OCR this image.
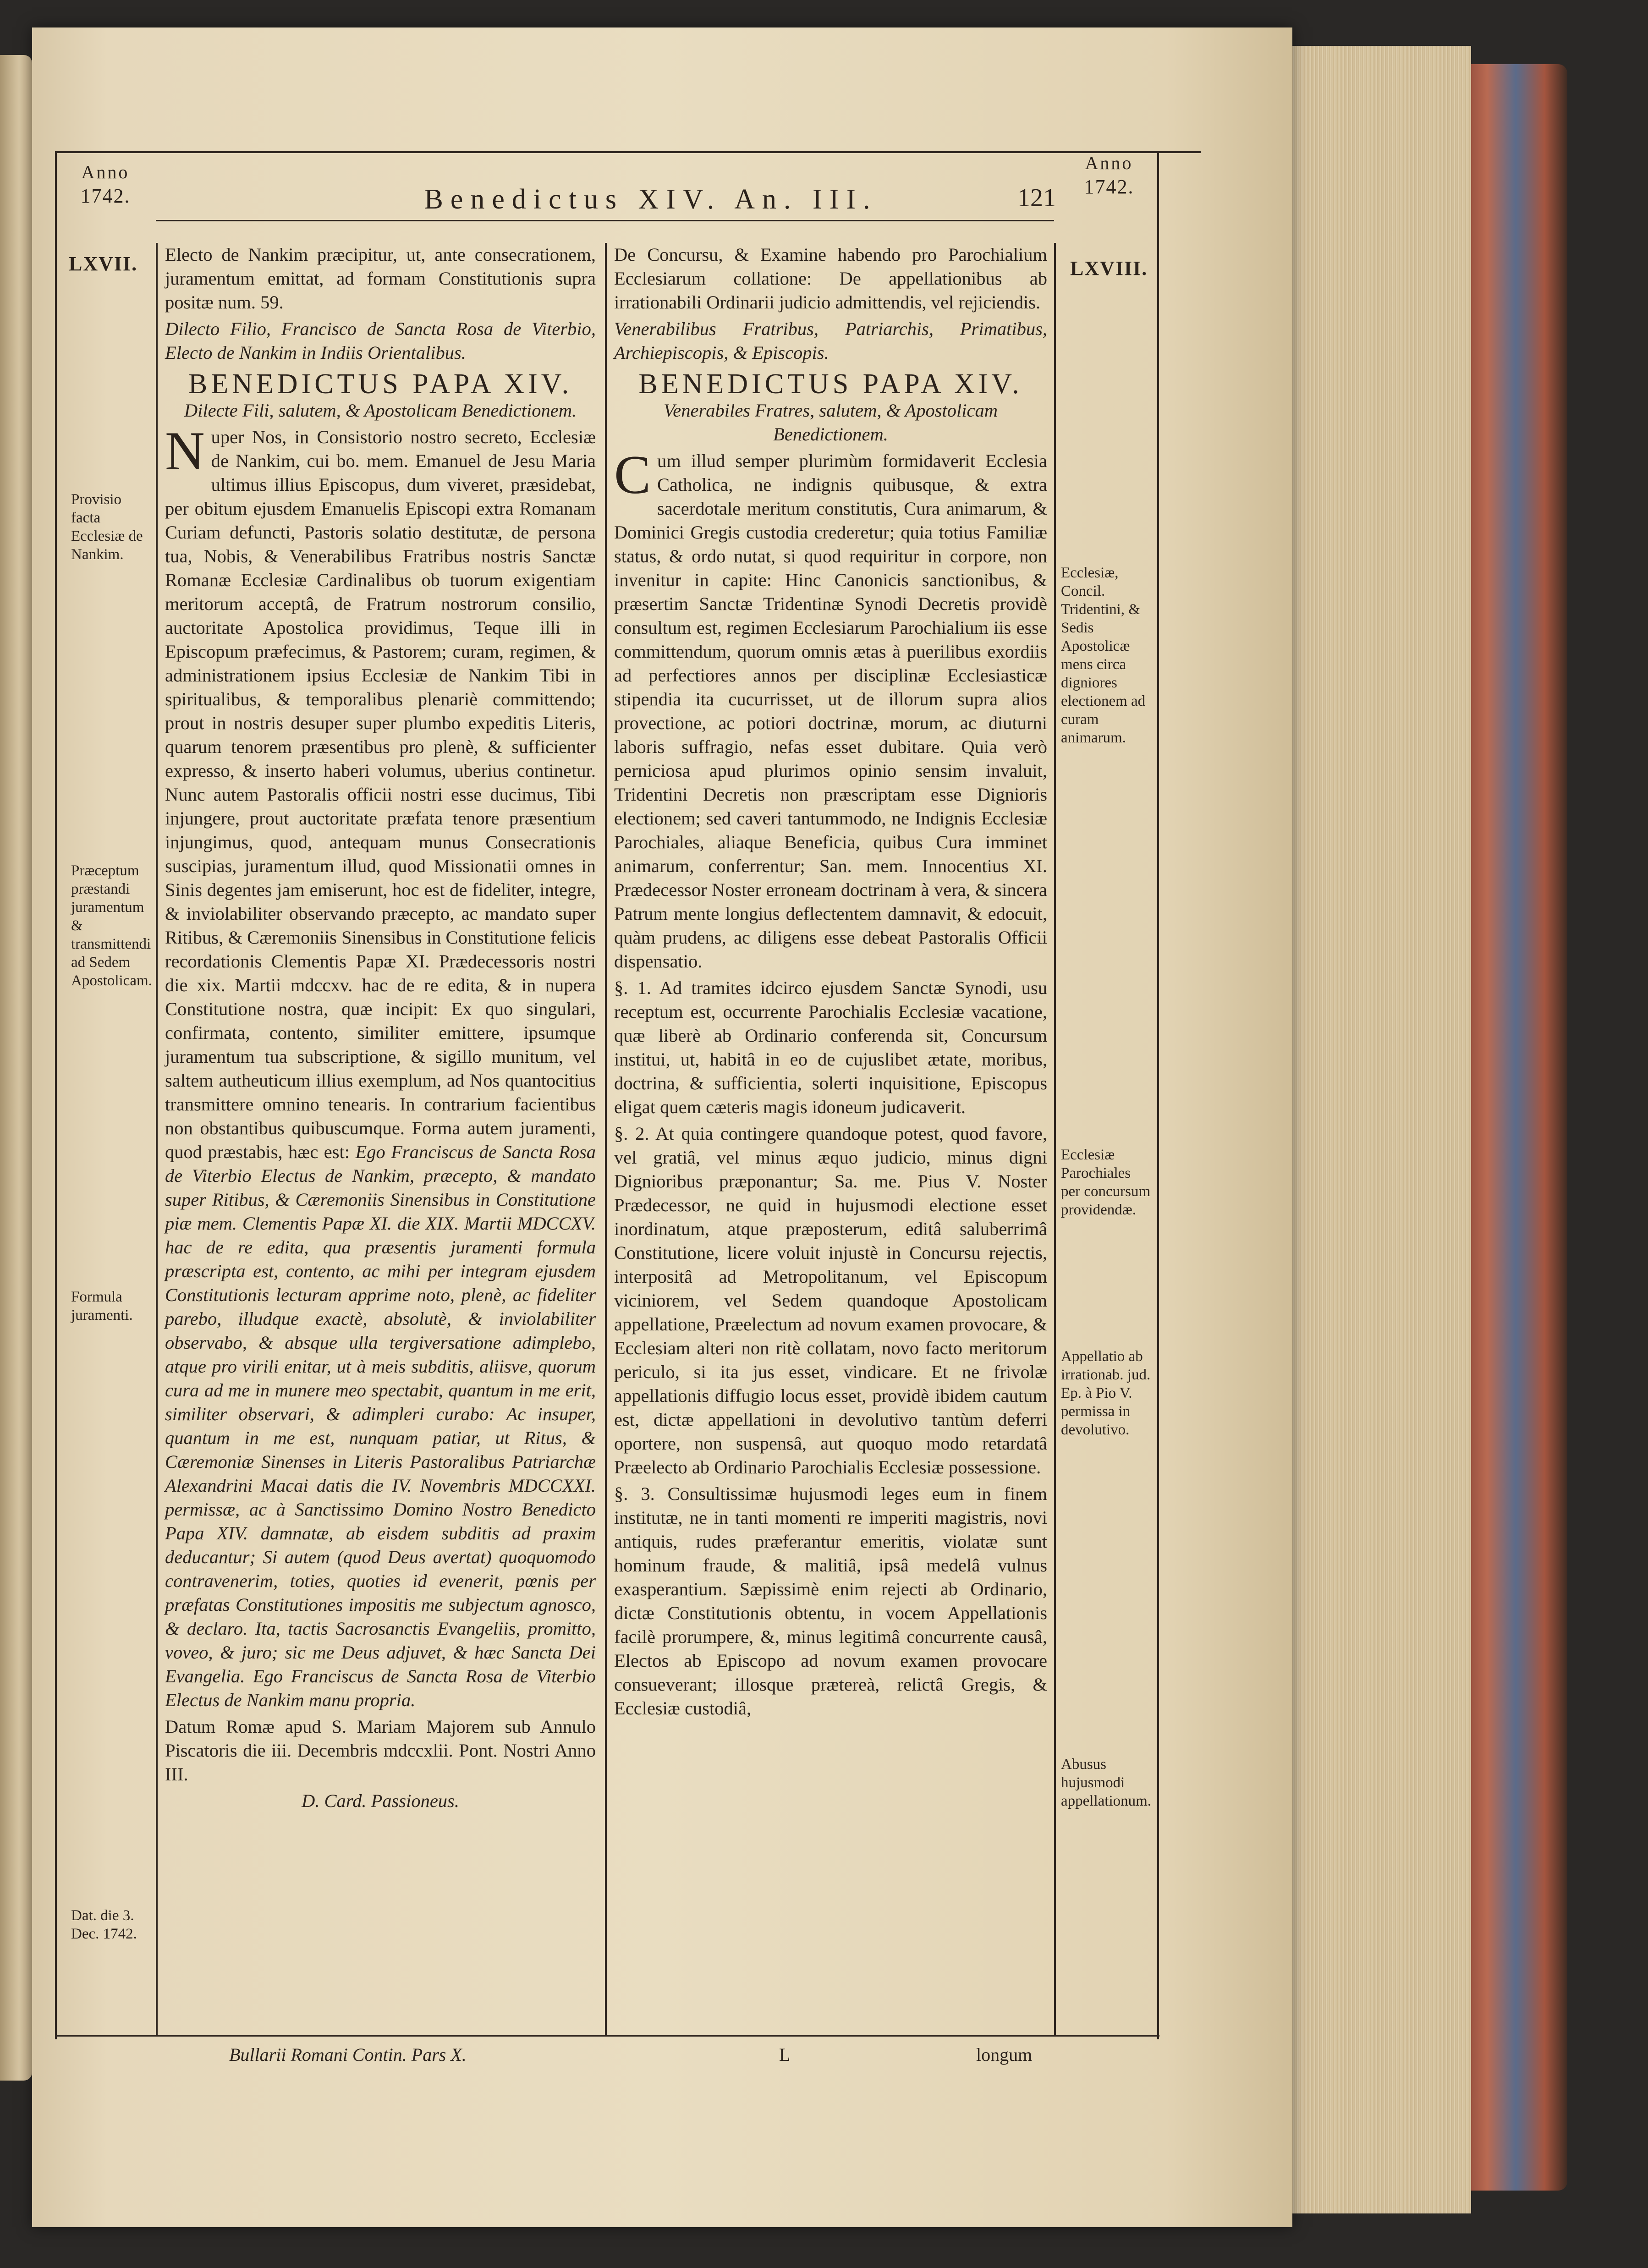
Anno
1742.	Benedictus XIV. An. III.	121
Anno
1742.
LXVII.	LXVIII.
Provisio facta Ecclesiæ de Nankim.
Præceptum præstandi juramentum & transmittendi ad Sedem Apostolicam.
Formula juramenti.
Dat. die 3. Dec. 1742.

Electo de Nankim præcipitur, ut, ante consecrationem, juramentum emittat, ad formam Constitutionis supra positæ num. 59.

Dilecto Filio, Francisco de Sancta Rosa de Viterbio, Electo de Nankim in Indiis Orientalibus.

BENEDICTUS PAPA XIV.

Dilecte Fili, salutem, & Apostolicam Benedictionem.

Nuper Nos, in Consistorio nostro secreto, Ecclesiæ de Nankim, cui bo. mem. Emanuel de Jesu Maria ultimus illius Episcopus, dum viveret, præsidebat, per obitum ejusdem Emanuelis Episcopi extra Romanam Curiam defuncti, Pastoris solatio destitutæ, de persona tua, Nobis, & Venerabilibus Fratribus nostris Sanctæ Romanæ Ecclesiæ Cardinalibus ob tuorum exigentiam meritorum acceptâ, de Fratrum nostrorum consilio, auctoritate Apostolica providimus, Teque illi in Episcopum præfecimus, & Pastorem; curam, regimen, & administrationem ipsius Ecclesiæ de Nankim Tibi in spiritualibus, & temporalibus plenariè committendo; prout in nostris desuper super plumbo expeditis Literis, quarum tenorem præsentibus pro plenè, & sufficienter expresso, & inserto haberi volumus, uberius continetur. Nunc autem Pastoralis officii nostri esse ducimus, Tibi injungere, prout auctoritate præfata tenore præsentium injungimus, quod, antequam munus Consecrationis suscipias, juramentum illud, quod Missionatii omnes in Sinis degentes jam emiserunt, hoc est de fideliter, integre, & inviolabiliter observando præcepto, ac mandato super Ritibus, & Cæremoniis Sinensibus in Constitutione felicis recordationis Clementis Papæ XI. Prædecessoris nostri die xix. Martii mdccxv. hac de re edita, & in nupera Constitutione nostra, quæ incipit: Ex quo singulari, confirmata, contento, similiter emittere, ipsumque juramentum tua subscriptione, & sigillo munitum, vel saltem autheuticum illius exemplum, ad Nos quantocitius transmittere omnino tenearis. In contrarium facientibus non obstantibus quibuscumque. Forma autem juramenti, quod præstabis, hæc est: Ego Franciscus de Sancta Rosa de Viterbio Electus de Nankim, præcepto, & mandato super Ritibus, & Cæremoniis Sinensibus in Constitutione piæ mem. Clementis Papæ XI. die XIX. Martii MDCCXV. hac de re edita, qua præsentis juramenti formula præscripta est, contento, ac mihi per integram ejusdem Constitutionis lecturam apprime noto, plenè, ac fideliter parebo, illudque exactè, absolutè, & inviolabiliter observabo, & absque ulla tergiversatione adimplebo, atque pro virili enitar, ut à meis subditis, aliisve, quorum cura ad me in munere meo spectabit, quantum in me erit, similiter observari, & adimpleri curabo: Ac insuper, quantum in me est, nunquam patiar, ut Ritus, & Cæremoniæ Sinenses in Literis Pastoralibus Patriarchæ Alexandrini Macai datis die IV. Novembris MDCCXXI. permissæ, ac à Sanctissimo Domino Nostro Benedicto Papa XIV. damnatæ, ab eisdem subditis ad praxim deducantur; Si autem (quod Deus avertat) quoquomodo contravenerim, toties, quoties id evenerit, pœnis per præfatas Constitutiones impositis me subjectum agnosco, & declaro. Ita, tactis Sacrosanctis Evangeliis, promitto, voveo, & juro; sic me Deus adjuvet, & hæc Sancta Dei Evangelia. Ego Franciscus de Sancta Rosa de Viterbio Electus de Nankim manu propria.

Datum Romæ apud S. Mariam Majorem sub Annulo Piscatoris die iii. Decembris mdccxlii. Pont. Nostri Anno III.

D. Card. Passioneus.

De Concursu, & Examine habendo pro Parochialium Ecclesiarum collatione: De appellationibus ab irrationabili Ordinarii judicio admittendis, vel rejiciendis.

Venerabilibus Fratribus, Patriarchis, Primatibus, Archiepiscopis, & Episcopis.

BENEDICTUS PAPA XIV.

Venerabiles Fratres, salutem, & Apostolicam Benedictionem.

Cum illud semper plurimùm formidaverit Ecclesia Catholica, ne indignis quibusque, & extra sacerdotale meritum constitutis, Cura animarum, & Dominici Gregis custodia crederetur; quia totius Familiæ status, & ordo nutat, si quod requiritur in corpore, non invenitur in capite: Hinc Canonicis sanctionibus, & præsertim Sanctæ Tridentinæ Synodi Decretis providè consultum est, regimen Ecclesiarum Parochialium iis esse committendum, quorum omnis ætas à puerilibus exordiis ad perfectiores annos per disciplinæ Ecclesiasticæ stipendia ita cucurrisset, ut de illorum supra alios provectione, ac potiori doctrinæ, morum, ac diuturni laboris suffragio, nefas esset dubitare. Quia verò perniciosa apud plurimos opinio sensim invaluit, Tridentini Decretis non præscriptam esse Dignioris electionem; sed caveri tantummodo, ne Indignis Ecclesiæ Parochiales, aliaque Beneficia, quibus Cura imminet animarum, conferrentur; San. mem. Innocentius XI. Prædecessor Noster erroneam doctrinam à vera, & sincera Patrum mente longius deflectentem damnavit, & edocuit, quàm prudens, ac diligens esse debeat Pastoralis Officii dispensatio.

§. 1. Ad tramites idcirco ejusdem Sanctæ Synodi, usu receptum est, occurrente Parochialis Ecclesiæ vacatione, quæ liberè ab Ordinario conferenda sit, Concursum institui, ut, habitâ in eo de cujuslibet ætate, moribus, doctrina, & sufficientia, solerti inquisitione, Episcopus eligat quem cæteris magis idoneum judicaverit.

§. 2. At quia contingere quandoque potest, quod favore, vel gratiâ, vel minus æquo judicio, minus digni Dignioribus præponantur; Sa. me. Pius V. Noster Prædecessor, ne quid in hujusmodi electione esset inordinatum, atque præposterum, editâ saluberrimâ Constitutione, licere voluit injustè in Concursu rejectis, interpositâ ad Metropolitanum, vel Episcopum viciniorem, vel Sedem quandoque Apostolicam appellatione, Præelectum ad novum examen provocare, & Ecclesiam alteri non ritè collatam, novo facto meritorum periculo, si ita jus esset, vindicare. Et ne frivolæ appellationis diffugio locus esset, providè ibidem cautum est, dictæ appellationi in devolutivo tantùm deferri oportere, non suspensâ, aut quoquo modo retardatâ Præelecto ab Ordinario Parochialis Ecclesiæ possessione.

§. 3. Consultissimæ hujusmodi leges eum in finem institutæ, ne in tanti momenti re imperiti magistris, novi antiquis, rudes præferantur emeritis, violatæ sunt hominum fraude, & malitiâ, ipsâ medelâ vulnus exasperantium. Sæpissimè enim rejecti ab Ordinario, dictæ Constitutionis obtentu, in vocem Appellationis facilè prorumpere, &, minus legitimâ concurrente causâ, Electos ab Episcopo ad novum examen provocare consueverant; illosque prætereà, relictâ Gregis, & Ecclesiæ custodiâ,

Ecclesiæ, Concil. Tridentini, & Sedis Apostolicæ mens circa digniores electionem ad curam animarum.
Ecclesiæ Parochiales per concursum providendæ.
Appellatio ab irrationab. jud. Ep. à Pio V. permissa in devolutivo.
Abusus hujusmodi appellationum.
Bullarii Romani Contin. Pars X.	L	longum
